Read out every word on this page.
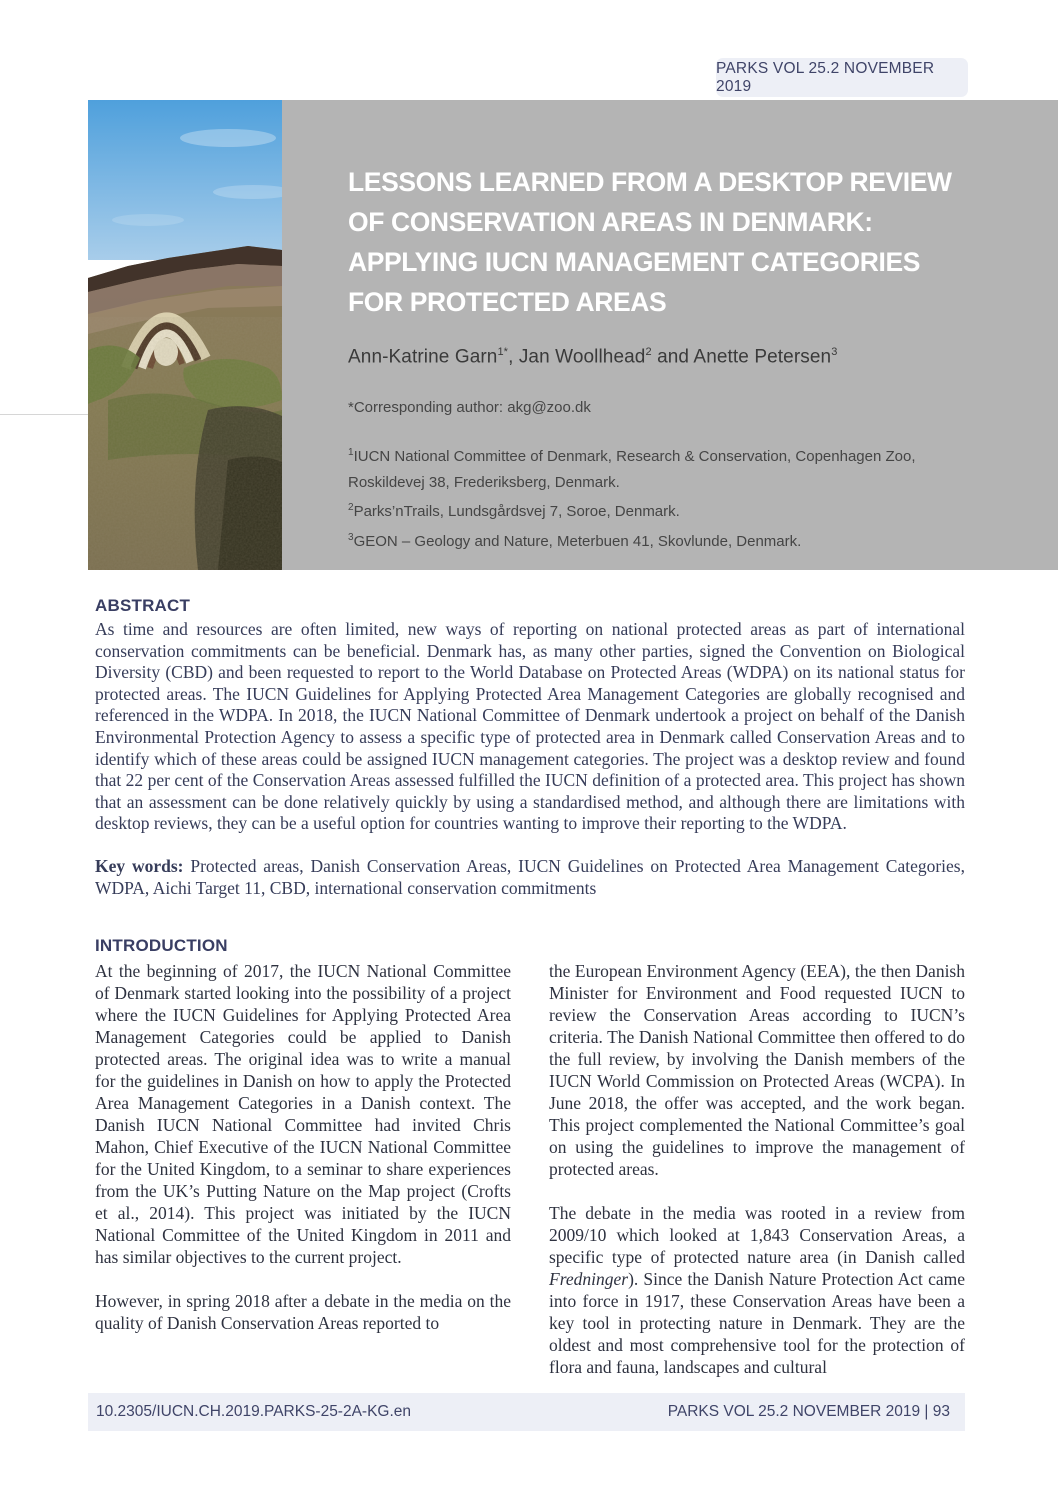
PARKS VOL 25.2 NOVEMBER 2019
LESSONS LEARNED FROM A DESKTOP REVIEW
OF CONSERVATION AREAS IN DENMARK:
APPLYING IUCN MANAGEMENT CATEGORIES
FOR PROTECTED AREAS
Ann-Katrine Garn$^{1*}$, Jan Woollhead$^2$ and Anette Petersen$^3$
*Corresponding author: akg@zoo.dk
$^1$IUCN National Committee of Denmark, Research & Conservation, Copenhagen Zoo, Roskildevej 38, Frederiksberg, Denmark.
$^2$Parks’nTrails, Lundsgårdsvej 7, Soroe, Denmark.
$^3$GEON – Geology and Nature, Meterbuen 41, Skovlunde, Denmark.
ABSTRACT

As time and resources are often limited, new ways of reporting on national protected areas as part of international conservation commitments can be beneficial. Denmark has, as many other parties, signed the Convention on Biological Diversity (CBD) and been requested to report to the World Database on Protected Areas (WDPA) on its national status for protected areas. The IUCN Guidelines for Applying Protected Area Management Categories are globally recognised and referenced in the WDPA. In 2018, the IUCN National Committee of Denmark undertook a project on behalf of the Danish Environmental Protection Agency to assess a specific type of protected area in Denmark called Conservation Areas and to identify which of these areas could be assigned IUCN management categories. The project was a desktop review and found that 22 per cent of the Conservation Areas assessed fulfilled the IUCN definition of a protected area. This project has shown that an assessment can be done relatively quickly by using a standardised method, and although there are limitations with desktop reviews, they can be a useful option for countries wanting to improve their reporting to the WDPA.

Key words: Protected areas, Danish Conservation Areas, IUCN Guidelines on Protected Area Management Categories, WDPA, Aichi Target 11, CBD, international conservation commitments

INTRODUCTION

At the beginning of 2017, the IUCN National Committee of Denmark started looking into the possibility of a project where the IUCN Guidelines for Applying Protected Area Management Categories could be applied to Danish protected areas. The original idea was to write a manual for the guidelines in Danish on how to apply the Protected Area Management Categories in a Danish context. The Danish IUCN National Committee had invited Chris Mahon, Chief Executive of the IUCN National Committee for the United Kingdom, to a seminar to share experiences from the UK’s Putting Nature on the Map project (Crofts et al., 2014). This project was initiated by the IUCN National Committee of the United Kingdom in 2011 and has similar objectives to the current project.

However, in spring 2018 after a debate in the media on the quality of Danish Conservation Areas reported to

the European Environment Agency (EEA), the then Danish Minister for Environment and Food requested IUCN to review the Conservation Areas according to IUCN’s criteria. The Danish National Committee then offered to do the full review, by involving the Danish members of the IUCN World Commission on Protected Areas (WCPA). In June 2018, the offer was accepted, and the work began. This project complemented the National Committee’s goal on using the guidelines to improve the management of protected areas.

The debate in the media was rooted in a review from 2009/10 which looked at 1,843 Conservation Areas, a specific type of protected nature area (in Danish called Fredninger). Since the Danish Nature Protection Act came into force in 1917, these Conservation Areas have been a key tool in protecting nature in Denmark. They are the oldest and most comprehensive tool for the protection of flora and fauna, landscapes and cultural

10.2305/IUCN.CH.2019.PARKS-25-2A-KG.en	PARKS VOL 25.2 NOVEMBER 2019 | 93
